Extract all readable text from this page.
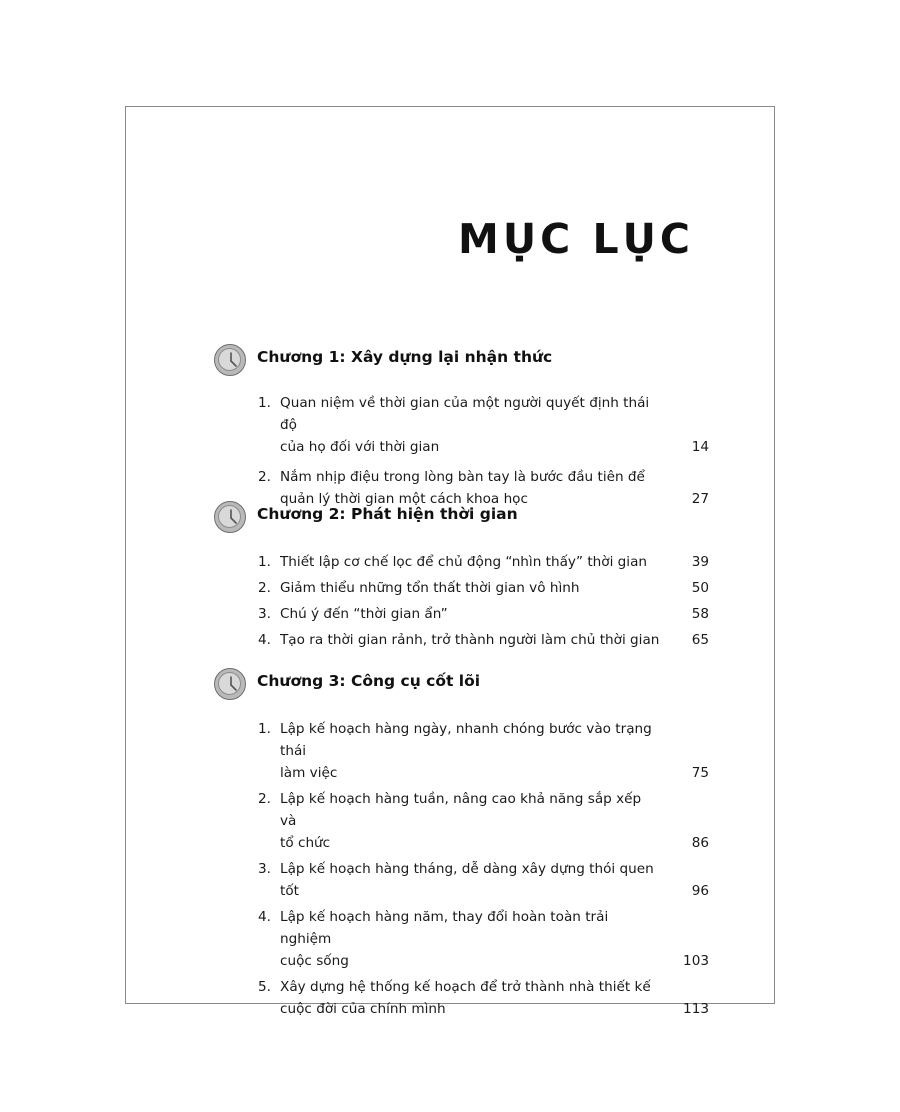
MỤC LỤC
Chương 1: Xây dựng lại nhận thức
1. Quan niệm về thời gian của một người quyết định thái độ
của họ đối với thời gian	14
2. Nắm nhịp điệu trong lòng bàn tay là bước đầu tiên để
quản lý thời gian một cách khoa học	27
Chương 2: Phát hiện thời gian
1. Thiết lập cơ chế lọc để chủ động “nhìn thấy” thời gian	39
2. Giảm thiểu những tổn thất thời gian vô hình	50
3. Chú ý đến “thời gian ẩn”	58
4. Tạo ra thời gian rảnh, trở thành người làm chủ thời gian 65
Chương 3: Công cụ cốt lõi
1. Lập kế hoạch hàng ngày, nhanh chóng bước vào trạng thái
làm việc	75
2. Lập kế hoạch hàng tuần, nâng cao khả năng sắp xếp và
tổ chức	86
3. Lập kế hoạch hàng tháng, dễ dàng xây dựng thói quen tốt	96
4. Lập kế hoạch hàng năm, thay đổi hoàn toàn trải nghiệm
cuộc sống	103
5. Xây dựng hệ thống kế hoạch để trở thành nhà thiết kế
cuộc đời của chính mình	113
